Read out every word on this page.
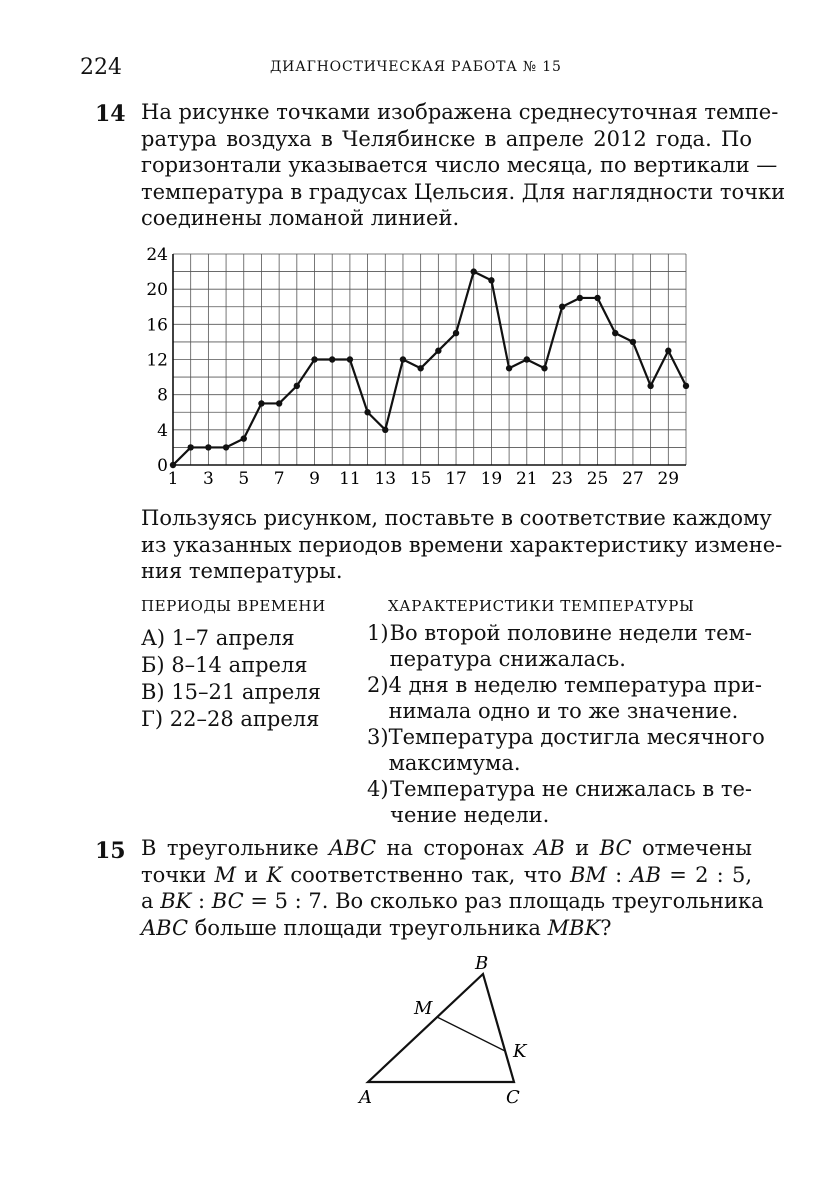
224	ДИАГНОСТИЧЕСКАЯ РАБОТА № 15
14 На рисунке точками изображена среднесуточная темпе-
ратура воздуха в Челябинске в апреле 2012 года. По
горизонтали указывается число месяца, по вертикали —
температура в градусах Цельсия. Для наглядности точки
соединены ломаной линией.
0
4
8
12
16
20
24
1 3 5 7 9 11 13 15 17 19 21 23 25 27 29
Пользуясь рисунком, поставьте в соответствие каждому
из указанных периодов времени характеристику измене-
ния температуры.
ПЕРИОДЫ ВРЕМЕНИ	ХАРАКТЕРИСТИКИ ТЕМПЕРАТУРЫ
А) 1–7 апреля
Б) 8–14 апреля
В) 15–21 апреля
Г) 22–28 апреля
1) Во второй половине недели тем-
пература снижалась.
2) 4 дня в неделю температура при-
нимала одно и то же значение.
3) Температура достигла месячного
максимума.
4) Температура не снижалась в те-
чение недели.
15 В треугольнике ABC на сторонах AB и BC отмечены
точки M и K соответственно так, что BM : AB = 2 : 5,
а BK : BC = 5 : 7. Во сколько раз площадь треугольника
ABC больше площади треугольника MBK?
B
M
K
A	C
